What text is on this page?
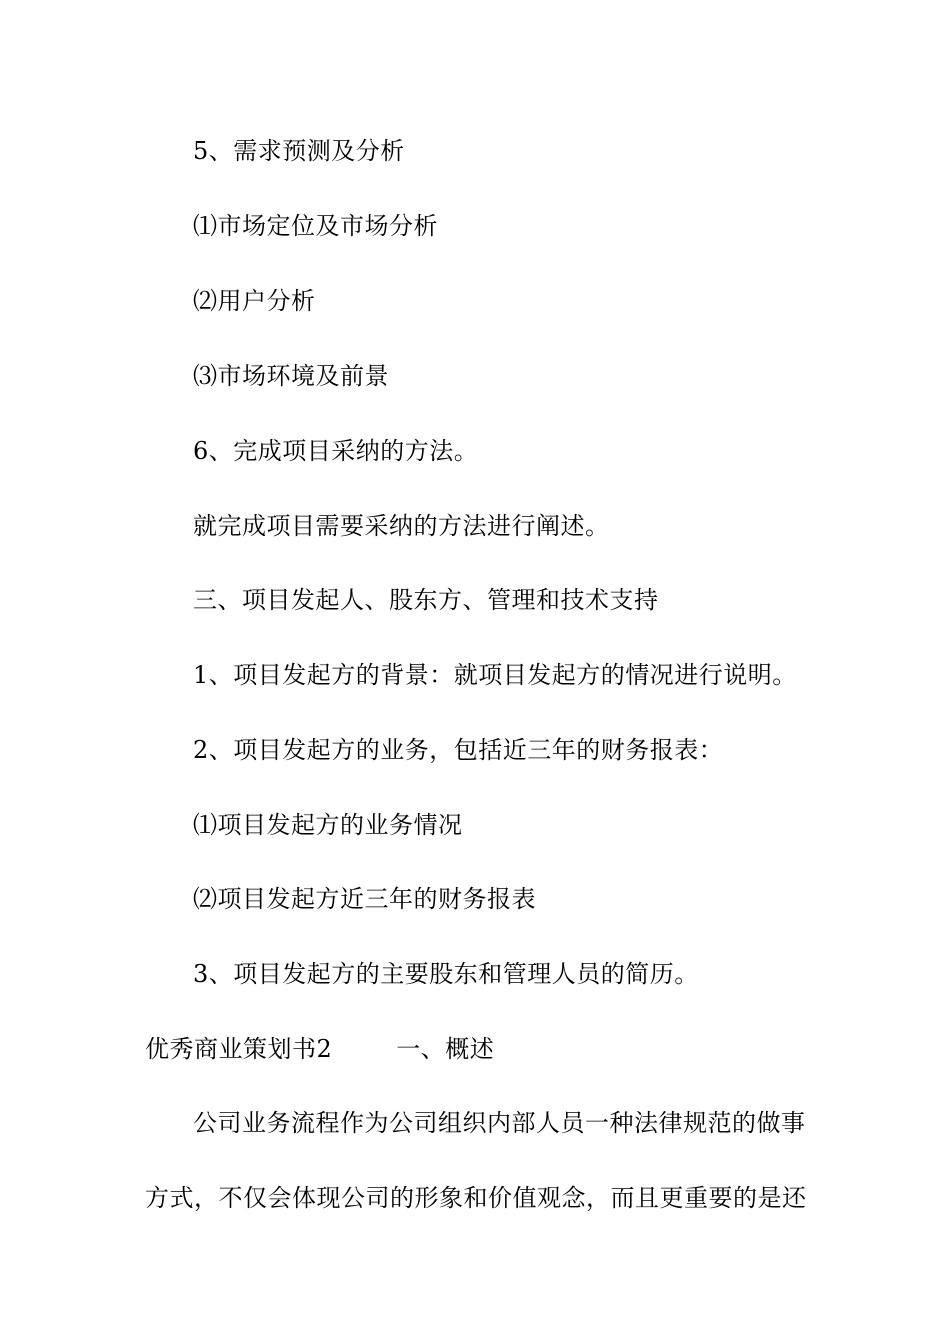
5、需求预测及分析
⑴市场定位及市场分析
⑵用户分析
⑶市场环境及前景
6、完成项目采纳的方法。
就完成项目需要采纳的方法进行阐述。
三、项目发起人、股东方、管理和技术支持
1、项目发起方的背景：就项目发起方的情况进行说明。
2、项目发起方的业务，包括近三年的财务报表：
⑴项目发起方的业务情况
⑵项目发起方近三年的财务报表
3、项目发起方的主要股东和管理人员的简历。
优秀商业策划书2	一、概述
公司业务流程作为公司组织内部人员一种法律规范的做事
方式，不仅会体现公司的形象和价值观念，而且更重要的是还
